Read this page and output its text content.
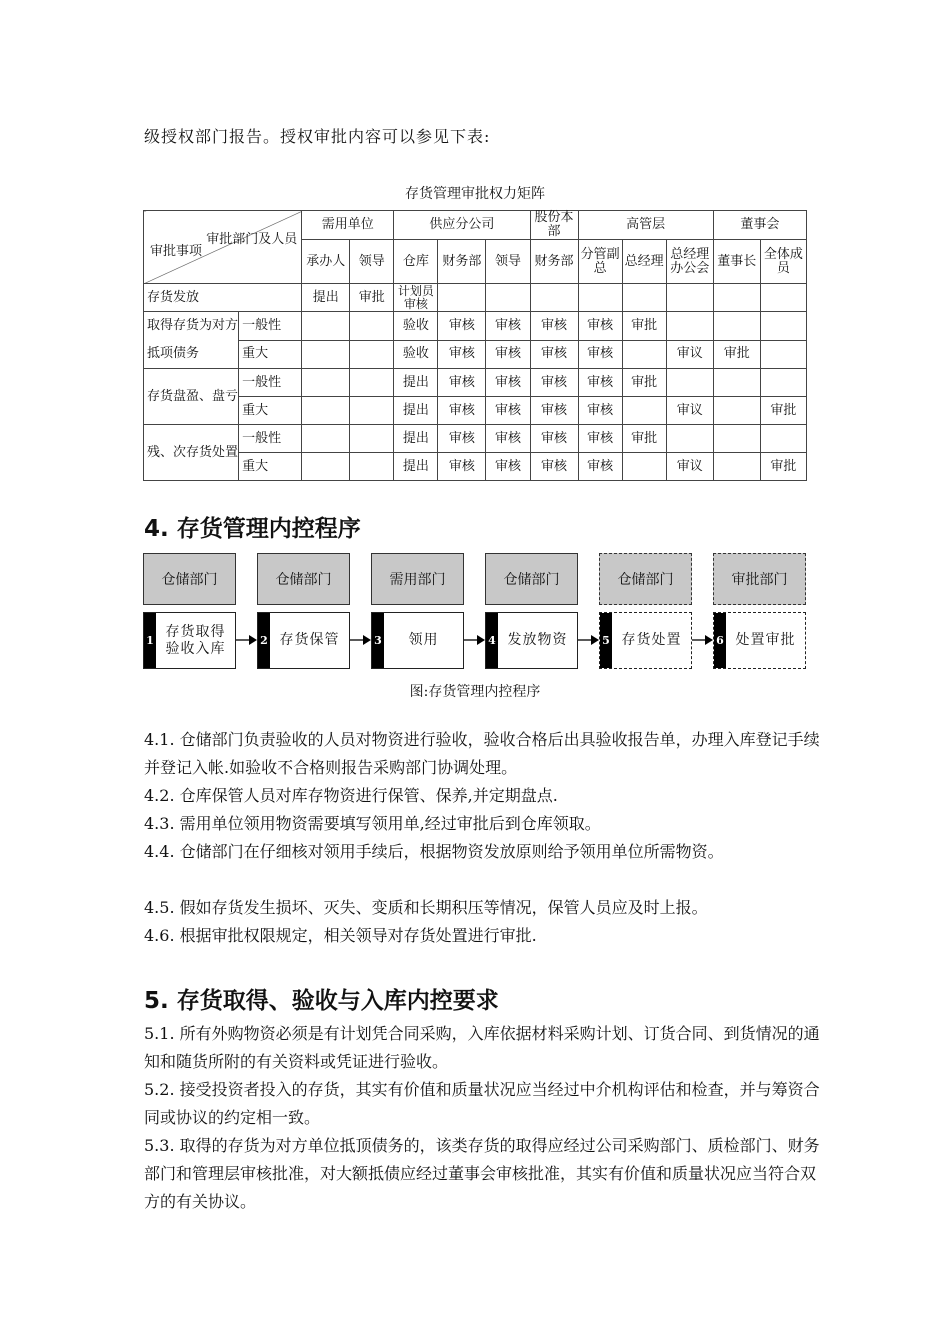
级授权部门报告。授权审批内容可以参见下表:
存货管理审批权力矩阵
审批部门及人员
审批事项		需用单位		供应分公司			股份本部	高管层			董事会	
		承办人	领导	仓库	财务部	领导	财务部	分管副总	总经理	总经理办公会	董事长	全体成员
存货发放		提出	审批	计划员审核								
取得存货为对方抵项债务	一般性			验收	审核	审核	审核	审核	审批			
	重大			验收	审核	审核	审核	审核		审议	审批	
存货盘盈、盘亏	一般性			提出	审核	审核	审核	审核	审批			
	重大			提出	审核	审核	审核	审核		审议		审批
残、次存货处置	一般性			提出	审核	审核	审核	审核	审批			
	重大			提出	审核	审核	审核	审核		审议		审批
4. 存货管理内控程序
仓储部门	仓储部门	需用部门	仓储部门	仓储部门	审批部门
1
存货取得验收入库	2 存货保管	3	领用	4 发放物资	5 存货处置	6 处置审批
图:存货管理内控程序
4.1. 仓储部门负责验收的人员对物资进行验收，验收合格后出具验收报告单，办理入库登记手续并登记入帐.如验收不合格则报告采购部门协调处理。
4.2. 仓库保管人员对库存物资进行保管、保养,并定期盘点.
4.3. 需用单位领用物资需要填写领用单,经过审批后到仓库领取。
4.4. 仓储部门在仔细核对领用手续后，根据物资发放原则给予领用单位所需物资。
4.5. 假如存货发生损坏、灭失、变质和长期积压等情况，保管人员应及时上报。
4.6. 根据审批权限规定，相关领导对存货处置进行审批.
5. 存货取得、验收与入库内控要求
5.1. 所有外购物资必须是有计划凭合同采购，入库依据材料采购计划、订货合同、到货情况的通知和随货所附的有关资料或凭证进行验收。
5.2. 接受投资者投入的存货，其实有价值和质量状况应当经过中介机构评估和检查，并与筹资合同或协议的约定相一致。
5.3. 取得的存货为对方单位抵顶债务的，该类存货的取得应经过公司采购部门、质检部门、财务部门和管理层审核批准，对大额抵债应经过董事会审核批准，其实有价值和质量状况应当符合双方的有关协议。
